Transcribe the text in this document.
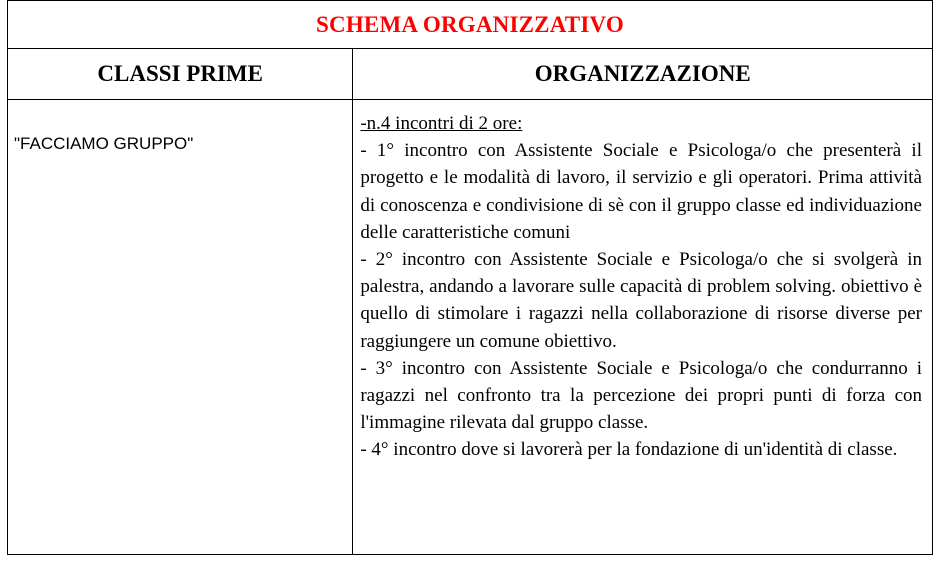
SCHEMA ORGANIZZATIVO	
CLASSI PRIME	ORGANIZZAZIONE
"FACCIAMO GRUPPO"	-n.4 incontri di 2 ore:
- 1° incontro con Assistente Sociale e Psicologa/o che presenterà il progetto e le modalità di lavoro, il servizio e gli operatori. Prima attività di conoscenza e condivisione di sè con il gruppo classe ed individuazione delle caratteristiche comuni
- 2° incontro con Assistente Sociale e Psicologa/o che si svolgerà in palestra, andando a lavorare sulle capacità di problem solving. obiettivo è quello di stimolare i ragazzi nella collaborazione di risorse diverse per raggiungere un comune obiettivo.
- 3° incontro con Assistente Sociale e Psicologa/o che condurranno i ragazzi nel confronto tra la percezione dei propri punti di forza con l'immagine rilevata dal gruppo classe.
- 4° incontro dove si lavorerà per la fondazione di un'identità di classe.
